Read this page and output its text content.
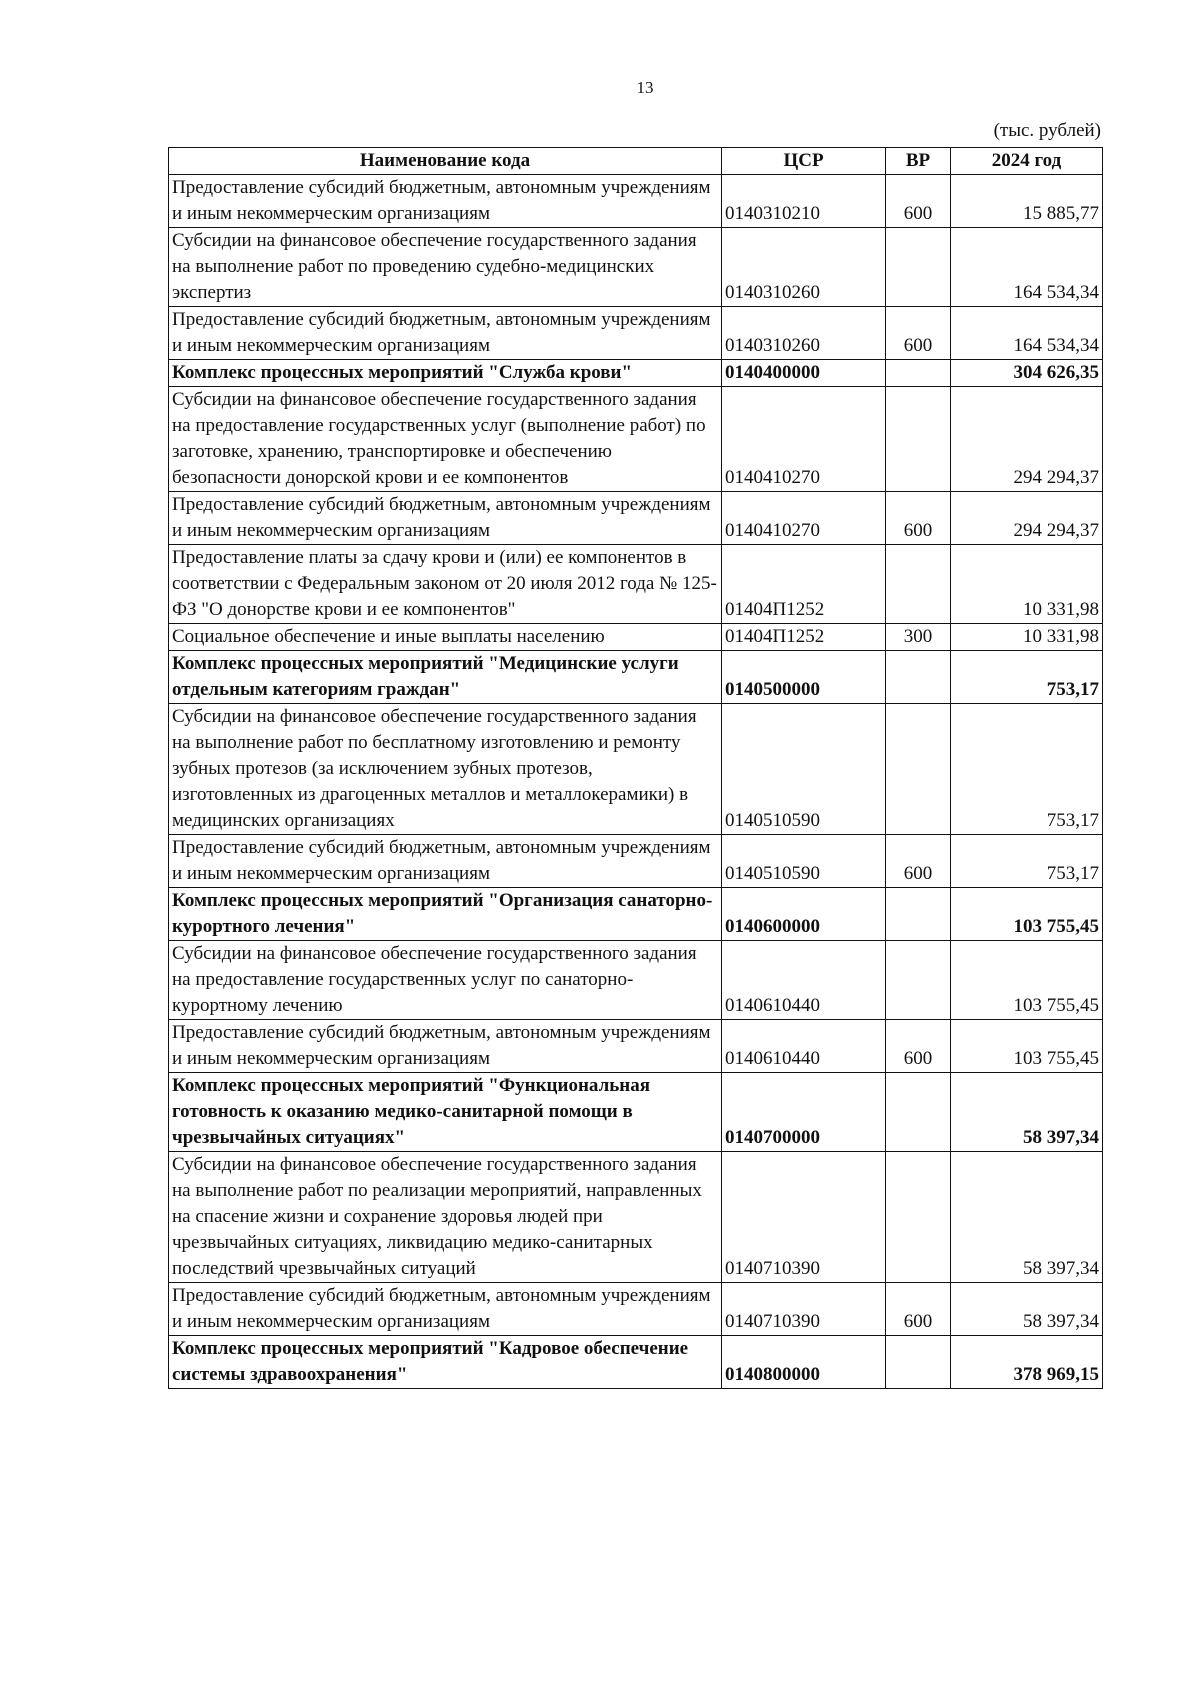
13
(тыс. рублей)
Наименование кода	ЦСР	ВР	2024 год
Предоставление субсидий бюджетным, автономным учреждениям и иным некоммерческим организациям	0140310210	600	15 885,77
Субсидии на финансовое обеспечение государственного задания на выполнение работ по проведению судебно-медицинских экспертиз	0140310260		164 534,34
Предоставление субсидий бюджетным, автономным учреждениям и иным некоммерческим организациям	0140310260	600	164 534,34
Комплекс процессных мероприятий "Служба крови"	0140400000		304 626,35
Субсидии на финансовое обеспечение государственного задания на предоставление государственных услуг (выполнение работ) по заготовке, хранению, транспортировке и обеспечению безопасности донорской крови и ее компонентов	0140410270		294 294,37
Предоставление субсидий бюджетным, автономным учреждениям и иным некоммерческим организациям	0140410270	600	294 294,37
Предоставление платы за сдачу крови и (или) ее компонентов в соответствии с Федеральным законом от 20 июля 2012 года № 125-ФЗ "О донорстве крови и ее компонентов"	01404П1252		10 331,98
Социальное обеспечение и иные выплаты населению	01404П1252	300	10 331,98
Комплекс процессных мероприятий "Медицинские услуги отдельным категориям граждан"	0140500000		753,17
Субсидии на финансовое обеспечение государственного задания на выполнение работ по бесплатному изготовлению и ремонту зубных протезов (за исключением зубных протезов, изготовленных из драгоценных металлов и металлокерамики) в медицинских организациях	0140510590		753,17
Предоставление субсидий бюджетным, автономным учреждениям и иным некоммерческим организациям	0140510590	600	753,17
Комплекс процессных мероприятий "Организация санаторно-курортного лечения"	0140600000		103 755,45
Субсидии на финансовое обеспечение государственного задания на предоставление государственных услуг по санаторно-курортному лечению	0140610440		103 755,45
Предоставление субсидий бюджетным, автономным учреждениям и иным некоммерческим организациям	0140610440	600	103 755,45
Комплекс процессных мероприятий "Функциональная готовность к оказанию медико-санитарной помощи в чрезвычайных ситуациях"	0140700000		58 397,34
Субсидии на финансовое обеспечение государственного задания на выполнение работ по реализации мероприятий, направленных на спасение жизни и сохранение здоровья людей при чрезвычайных ситуациях, ликвидацию медико-санитарных последствий чрезвычайных ситуаций	0140710390		58 397,34
Предоставление субсидий бюджетным, автономным учреждениям и иным некоммерческим организациям	0140710390	600	58 397,34
Комплекс процессных мероприятий "Кадровое обеспечение системы здравоохранения"	0140800000		378 969,15
